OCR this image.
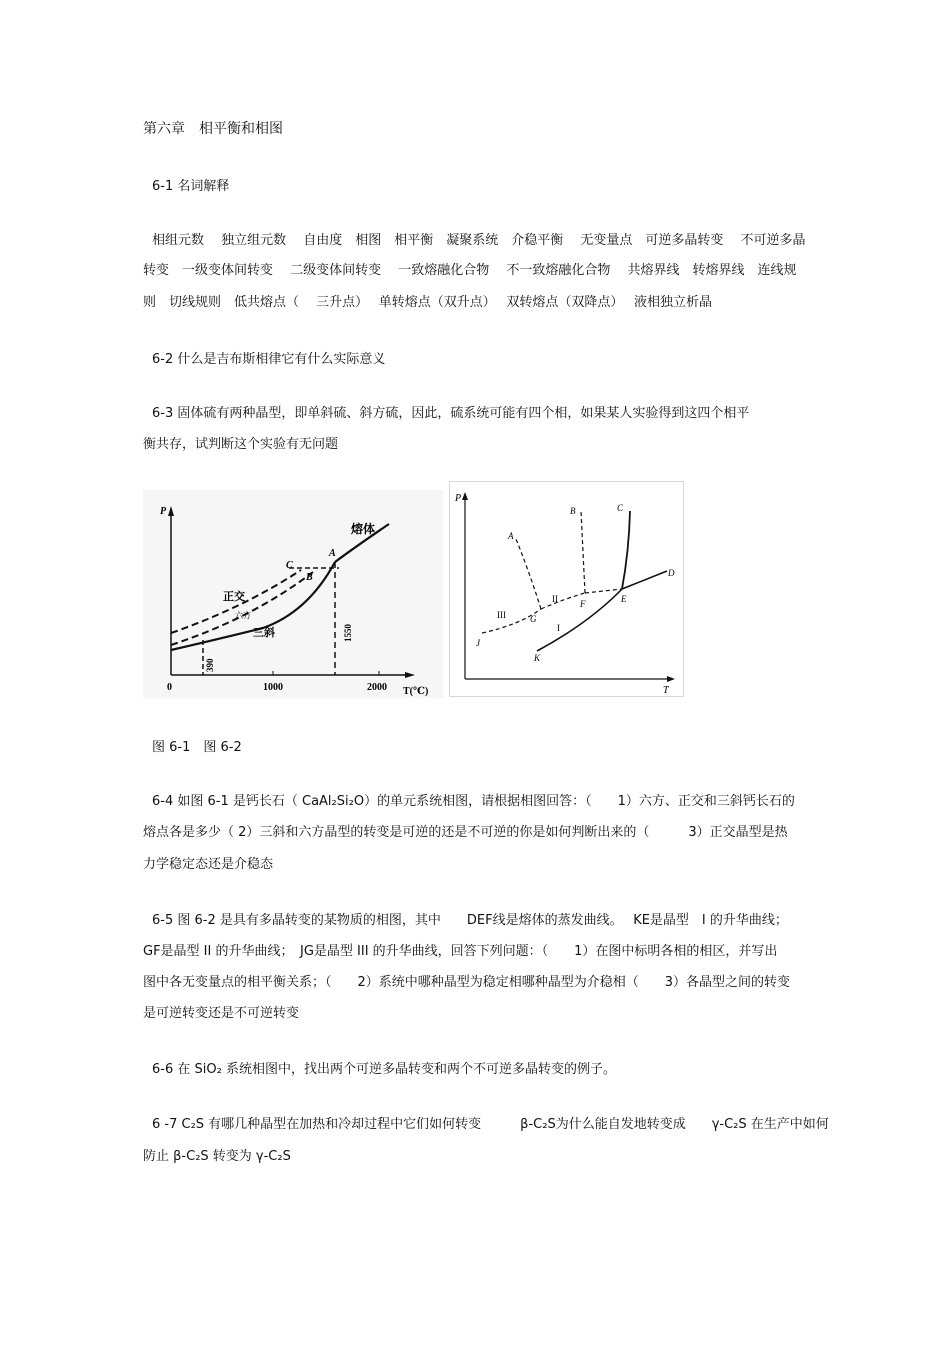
第六章　相平衡和相图
6-1 名词解释
相组元数　 独立组元数　 自由度　相图　相平衡　凝聚系统　介稳平衡　 无变量点　可逆多晶转变　 不可逆多晶
转变　一级变体间转变　 二级变体间转变　 一致熔融化合物　 不一致熔融化合物　 共熔界线　转熔界线　连线规
则　切线规则　低共熔点（　 三升点）　 单转熔点（双升点）　 双转熔点（双降点）　 液相独立析晶
6-2 什么是吉布斯相律它有什么实际意义
6-3 固体硫有两种晶型，即单斜硫、斜方硫，因此，硫系统可能有四个相，如果某人实验得到这四个相平
衡共存，试判断这个实验有无问题
P
T(℃)
0	1000	2000
熔体
正交
六方
三斜
A
B
C
390
1550
P
T
A
B	C
D
E
F
G
J
K
I
II
III
图 6-1　图 6-2
6-4 如图 6-1 是钙长石（ CaAl₂Si₂O）的单元系统相图，请根据相图回答：（　　1）六方、正交和三斜钙长石的
熔点各是多少（ 2）三斜和六方晶型的转变是可逆的还是不可逆的你是如何判断出来的（　　　3）正交晶型是热
力学稳定态还是介稳态
6-5 图 6-2 是具有多晶转变的某物质的相图，其中　　DEF线是熔体的蒸发曲线。　 KE是晶型　I 的升华曲线；
GF是晶型 II 的升华曲线；　JG是晶型 III 的升华曲线，回答下列问题：（　　1）在图中标明各相的相区，并写出
图中各无变量点的相平衡关系；（　　2）系统中哪种晶型为稳定相哪种晶型为介稳相（　　3）各晶型之间的转变
是可逆转变还是不可逆转变
6-6 在 SiO₂ 系统相图中，找出两个可逆多晶转变和两个不可逆多晶转变的例子。
6 -7 C₂S 有哪几种晶型在加热和冷却过程中它们如何转变　　　β-C₂S为什么能自发地转变成　　γ-C₂S 在生产中如何
防止 β-C₂S 转变为 γ-C₂S
